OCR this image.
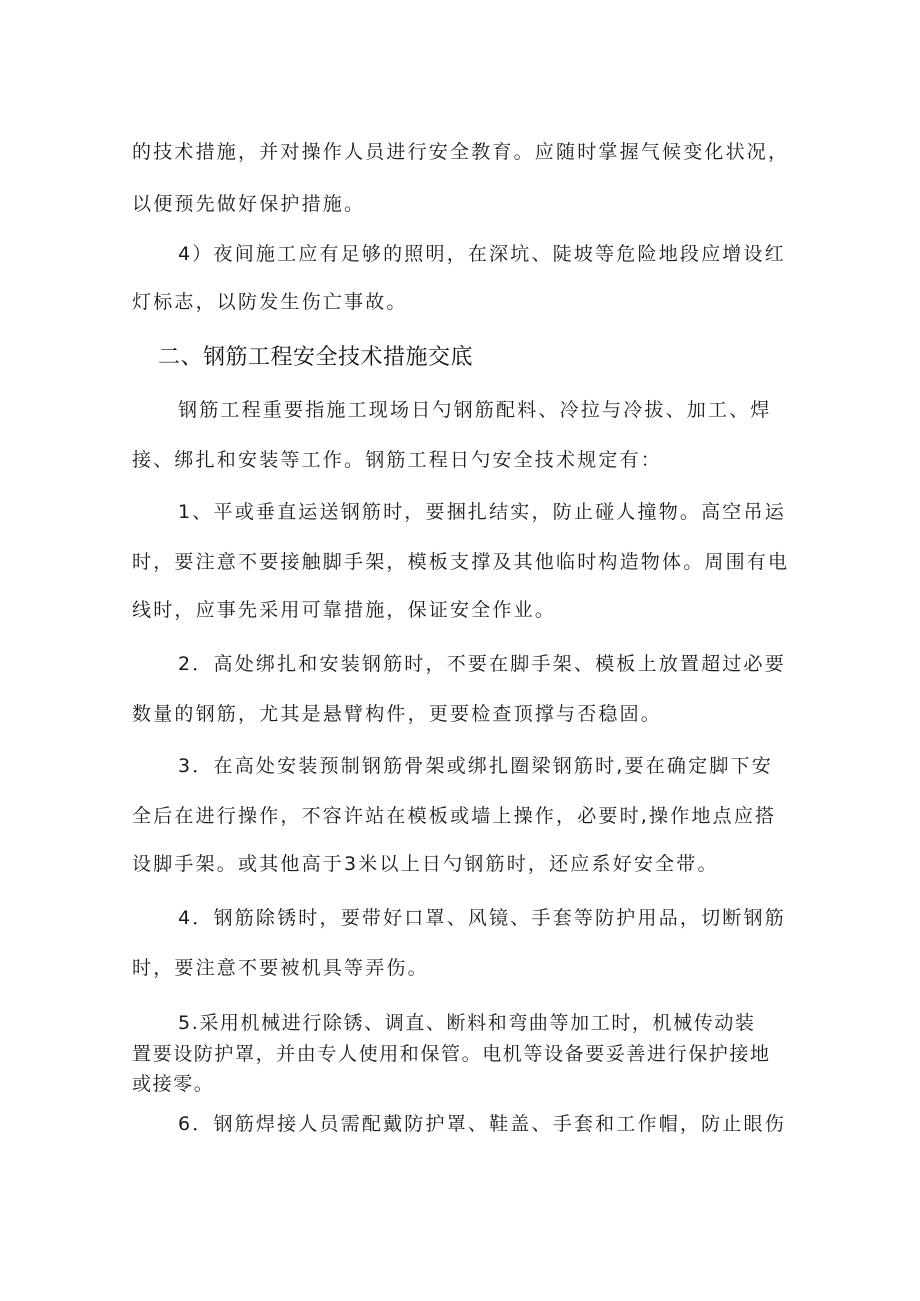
的技术措施，并对操作人员进行安全教育。应随时掌握气候变化状况，
以便预先做好保护措施。
4）夜间施工应有足够的照明，在深坑、陡坡等危险地段应增设红
灯标志，以防发生伤亡事故。
二、钢筋工程安全技术措施交底
钢筋工程重要指施工现场日勺钢筋配料、冷拉与冷拔、加工、焊
接、绑扎和安装等工作。钢筋工程日勺安全技术规定有：
1、平或垂直运送钢筋时，要捆扎结实，防止碰人撞物。高空吊运
时，要注意不要接触脚手架，模板支撑及其他临时构造物体。周围有电
线时，应事先采用可靠措施，保证安全作业。
2．高处绑扎和安装钢筋时，不要在脚手架、模板上放置超过必要
数量的钢筋，尤其是悬臂构件，更要检查顶撑与否稳固。
3．在高处安装预制钢筋骨架或绑扎圈梁钢筋时,要在确定脚下安
全后在进行操作，不容许站在模板或墙上操作，必要时,操作地点应搭
设脚手架。或其他高于3米以上日勺钢筋时，还应系好安全带。
4．钢筋除锈时，要带好口罩、风镜、手套等防护用品，切断钢筋
时，要注意不要被机具等弄伤。
5.采用机械进行除锈、调直、断料和弯曲等加工时，机械传动装
置要设防护罩，并由专人使用和保管。电机等设备要妥善进行保护接地
或接零。
6．钢筋焊接人员需配戴防护罩、鞋盖、手套和工作帽，防止眼伤
